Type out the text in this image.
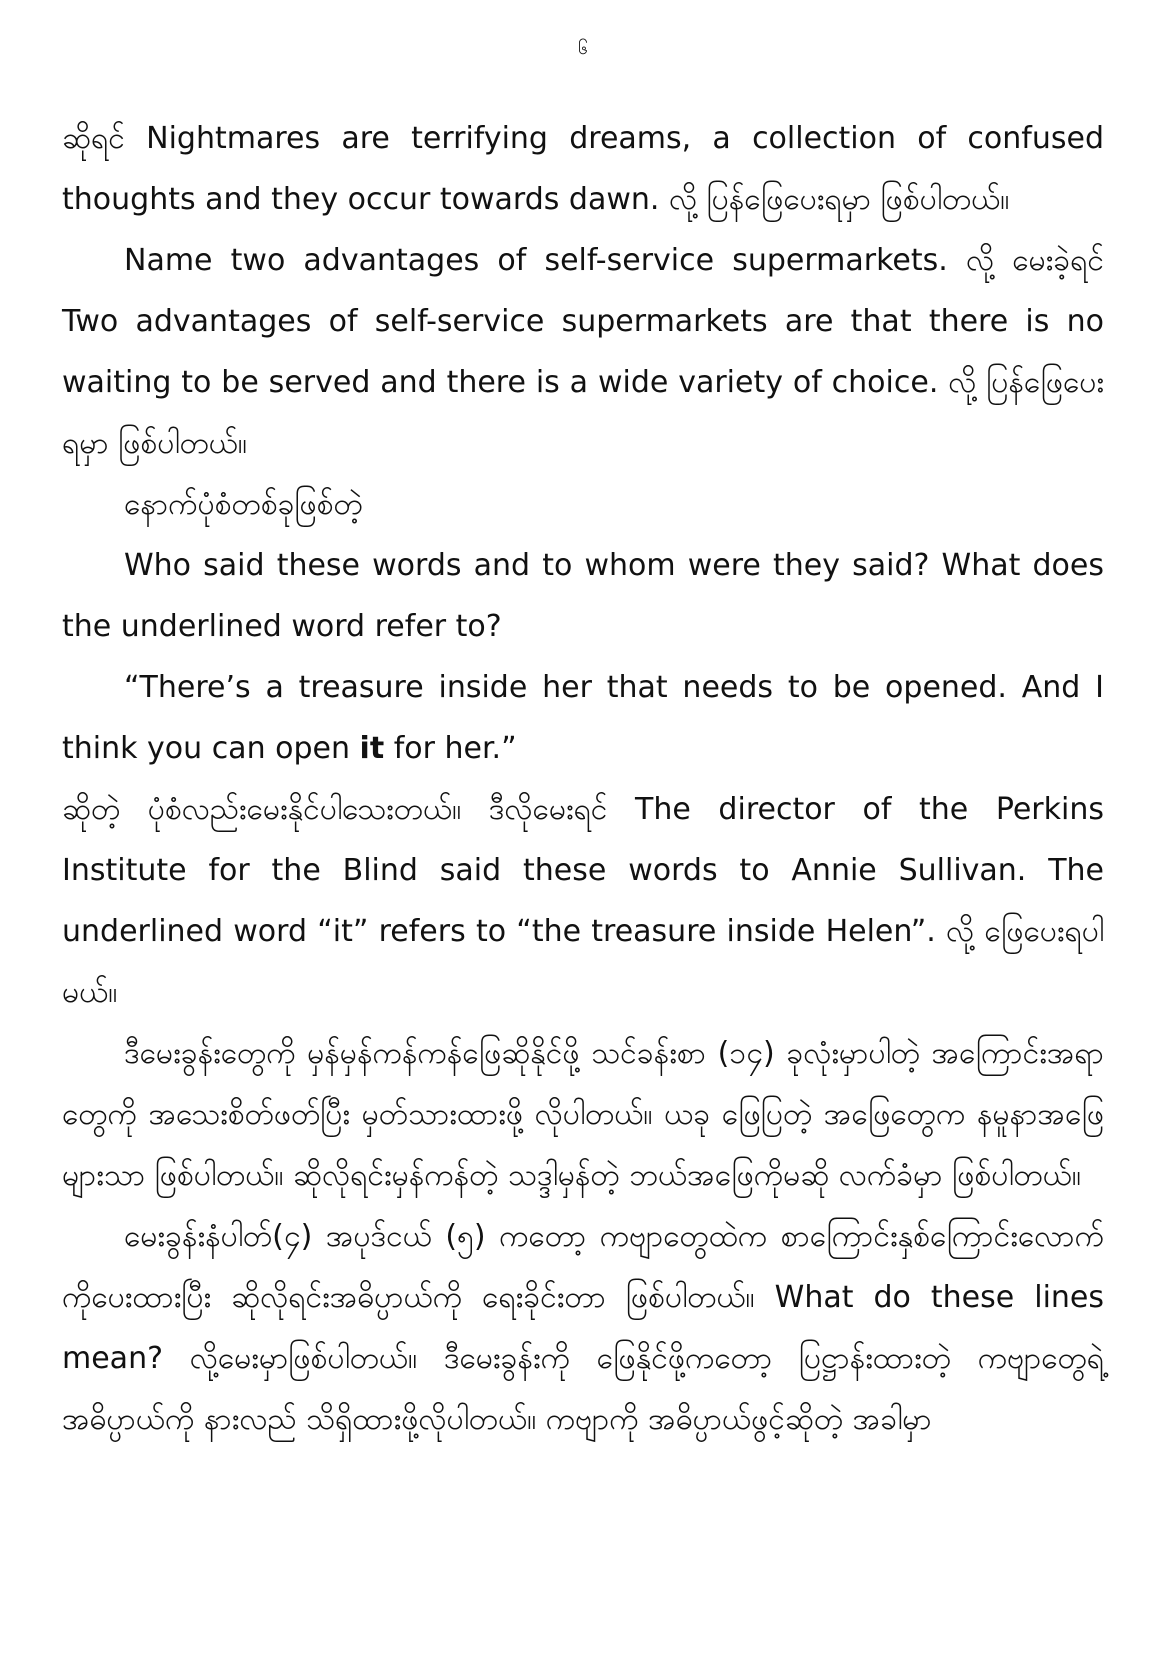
၆

ဆိုရင် Nightmares are terrifying dreams, a collection of confused thoughts and they occur towards dawn. လို့ ပြန်ဖြေပေးရမှာ ဖြစ်ပါတယ်။

Name two advantages of self-service supermarkets. လို့ မေးခဲ့ရင် Two advantages of self-service supermarkets are that there is no waiting to be served and there is a wide variety of choice. လို့ ပြန်ဖြေပေးရမှာ ဖြစ်ပါတယ်။

နောက်ပုံစံတစ်ခုဖြစ်တဲ့

Who said these words and to whom were they said? What does the underlined word refer to?

“There’s a treasure inside her that needs to be opened. And I think you can open it for her.”

ဆိုတဲ့ ပုံစံလည်းမေးနိုင်ပါသေးတယ်။ ဒီလိုမေးရင် The director of the Perkins Institute for the Blind said these words to Annie Sullivan. The underlined word “it” refers to “the treasure inside Helen”. လို့ ဖြေပေးရပါမယ်။

ဒီမေးခွန်းတွေကို မှန်မှန်ကန်ကန်ဖြေဆိုနိုင်ဖို့ သင်ခန်းစာ (၁၄) ခုလုံးမှာပါတဲ့ အကြောင်းအရာတွေကို အသေးစိတ်ဖတ်ပြီး မှတ်သားထားဖို့ လိုပါတယ်။ ယခု ဖြေပြတဲ့ အဖြေတွေက နမူနာအဖြေများသာ ဖြစ်ပါတယ်။ ဆိုလိုရင်းမှန်ကန်တဲ့ သဒ္ဒါမှန်တဲ့ ဘယ်အဖြေကိုမဆို လက်ခံမှာ ဖြစ်ပါတယ်။

မေးခွန်းနံပါတ်(၄) အပုဒ်ငယ် (၅) ကတော့ ကဗျာတွေထဲက စာကြောင်းနှစ်ကြောင်းလောက်ကိုပေးထားပြီး ဆိုလိုရင်းအဓိပ္ပာယ်ကို ရေးခိုင်းတာ ဖြစ်ပါတယ်။ What do these lines mean? လို့မေးမှာဖြစ်ပါတယ်။ ဒီမေးခွန်းကို ဖြေနိုင်ဖို့ကတော့ ပြဋ္ဌာန်းထားတဲ့ ကဗျာတွေရဲ့ အဓိပ္ပာယ်ကို နားလည် သိရှိထားဖို့လိုပါတယ်။ ကဗျာကို အဓိပ္ပာယ်ဖွင့်ဆိုတဲ့ အခါမှာ
